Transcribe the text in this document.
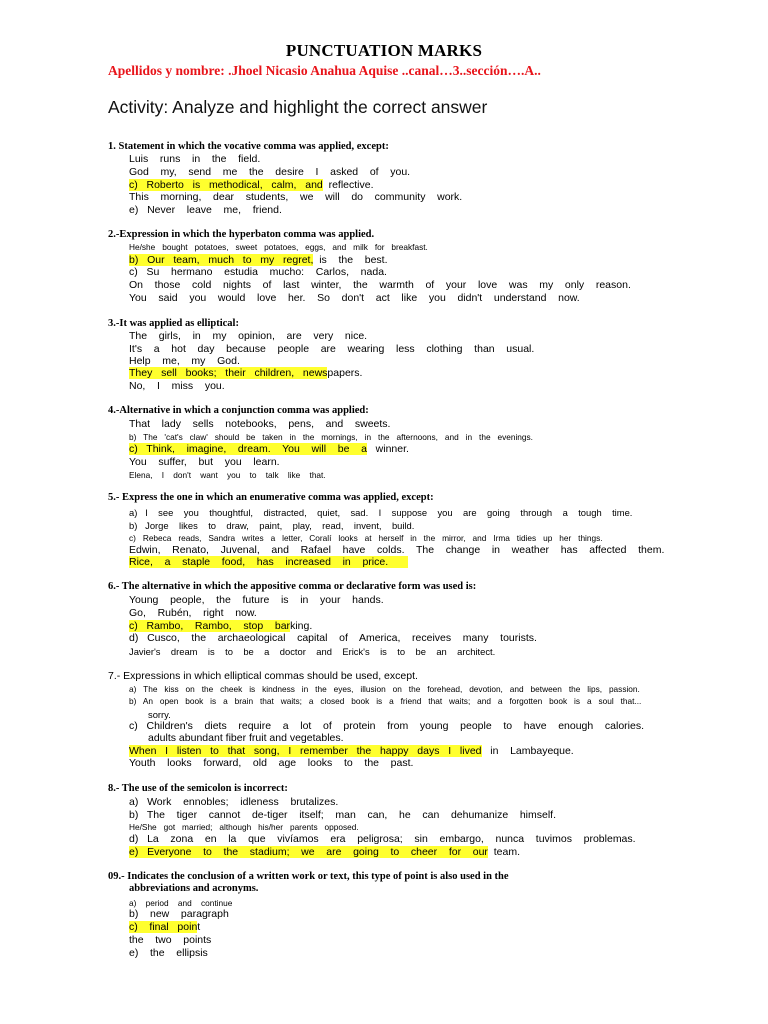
PUNCTUATION MARKS
Apellidos y nombre: .Jhoel Nicasio Anahua Aquise ..canal…3..sección….A..
Activity: Analyze and highlight the correct answer
1. Statement in which the vocative comma was applied, except:
Luis    runs    in    the    field.
God    my,    send    me    the    desire    I    asked    of    you.
c)   Roberto   is   methodical,   calm,   and  reflective.
This    morning,    dear    students,    we    will    do    community    work.
e)   Never    leave    me,    friend.
2.-Expression in which the hyperbaton comma was applied.
He/she   bought   potatoes,   sweet   potatoes,   eggs,   and   milk   for   breakfast.
b)   Our   team,   much   to   my   regret,  is    the    best.
c)   Su    hermano    estudia    mucho:    Carlos,    nada.
On    those    cold    nights    of    last    winter,    the    warmth    of    your    love    was    my    only    reason.
You    said    you    would    love    her.    So    don't    act    like    you    didn't    understand    now.
3.-It was applied as elliptical:
The    girls,    in    my    opinion,    are    very    nice.
It's    a    hot    day    because    people    are    wearing    less    clothing    than    usual.
Help    me,    my    God.
They   sell   books;   their   children,   newspapers.
No,    I    miss    you.
4.-Alternative in which a conjunction comma was applied:
That    lady    sells    notebooks,    pens,    and    sweets.
b)   The   'cat's   claw'   should   be   taken   in   the   mornings,   in   the   afternoons,   and   in   the   evenings.
c)   Think,    imagine,    dream.    You    will    be    a   winner.
You    suffer,    but    you    learn.
Elena,    I    don't    want    you    to    talk    like    that.
5.- Express the one in which an enumerative comma was applied, except:
a)   I    see    you    thoughtful,    distracted,    quiet,    sad.    I    suppose    you    are    going    through    a    tough    time.
b)   Jorge    likes    to    draw,    paint,    play,    read,    invent,    build.
c)   Rebeca   reads,   Sandra   writes   a   letter,   Coralí   looks   at   herself   in   the   mirror,   and   Irma   tidies   up   her   things.
Edwin,    Renato,    Juvenal,    and    Rafael    have    colds.    The    change    in    weather    has    affected    them.
Rice,    a    staple    food,    has    increased    in    price.
6.- The alternative in which the appositive comma or declarative form was used is:
Young    people,    the    future    is    in    your    hands.
Go,    Rubén,    right    now.
c)   Rambo,    Rambo,    stop    barking.
d)   Cusco,    the    archaeological    capital    of    America,    receives    many    tourists.
Javier's    dream    is    to    be    a    doctor    and    Erick's    is    to    be    an    architect.
7.- Expressions in which elliptical commas should be used, except.
a)   The   kiss   on   the   cheek   is   kindness   in   the   eyes,   illusion   on   the   forehead,   devotion,   and   between   the   lips,   passion.
b)   An   open   book   is   a   brain   that   waits;   a   closed   book   is   a   friend   that   waits;   and   a   forgotten   book   is   a   soul   that...
sorry.
c)   Children's    diets    require    a    lot    of    protein    from    young    people    to    have    enough    calories.
adults abundant fiber fruit and vegetables.
When   I   listen   to   that   song,   I   remember   the   happy   days   I   lived   in    Lambayeque.
Youth    looks    forward,    old    age    looks    to    the    past.
8.- The use of the semicolon is incorrect:
a)   Work    ennobles;    idleness    brutalizes.
b)   The    tiger    cannot    de-tiger    itself;    man    can,    he    can    dehumanize    himself.
He/She   got   married;   although   his/her   parents   opposed.
d)   La    zona    en    la    que    vivíamos    era    peligrosa;    sin    embargo,    nunca    tuvimos    problemas.
e)   Everyone    to    the    stadium;    we    are    going    to    cheer    for    our  team.
09.- Indicates the conclusion of a written work or text, this type of point is also used in the
abbreviations and acronyms.
a)    period    and    continue
b)    new    paragraph
c)    final   point
the    two    points
e)    the    ellipsis
